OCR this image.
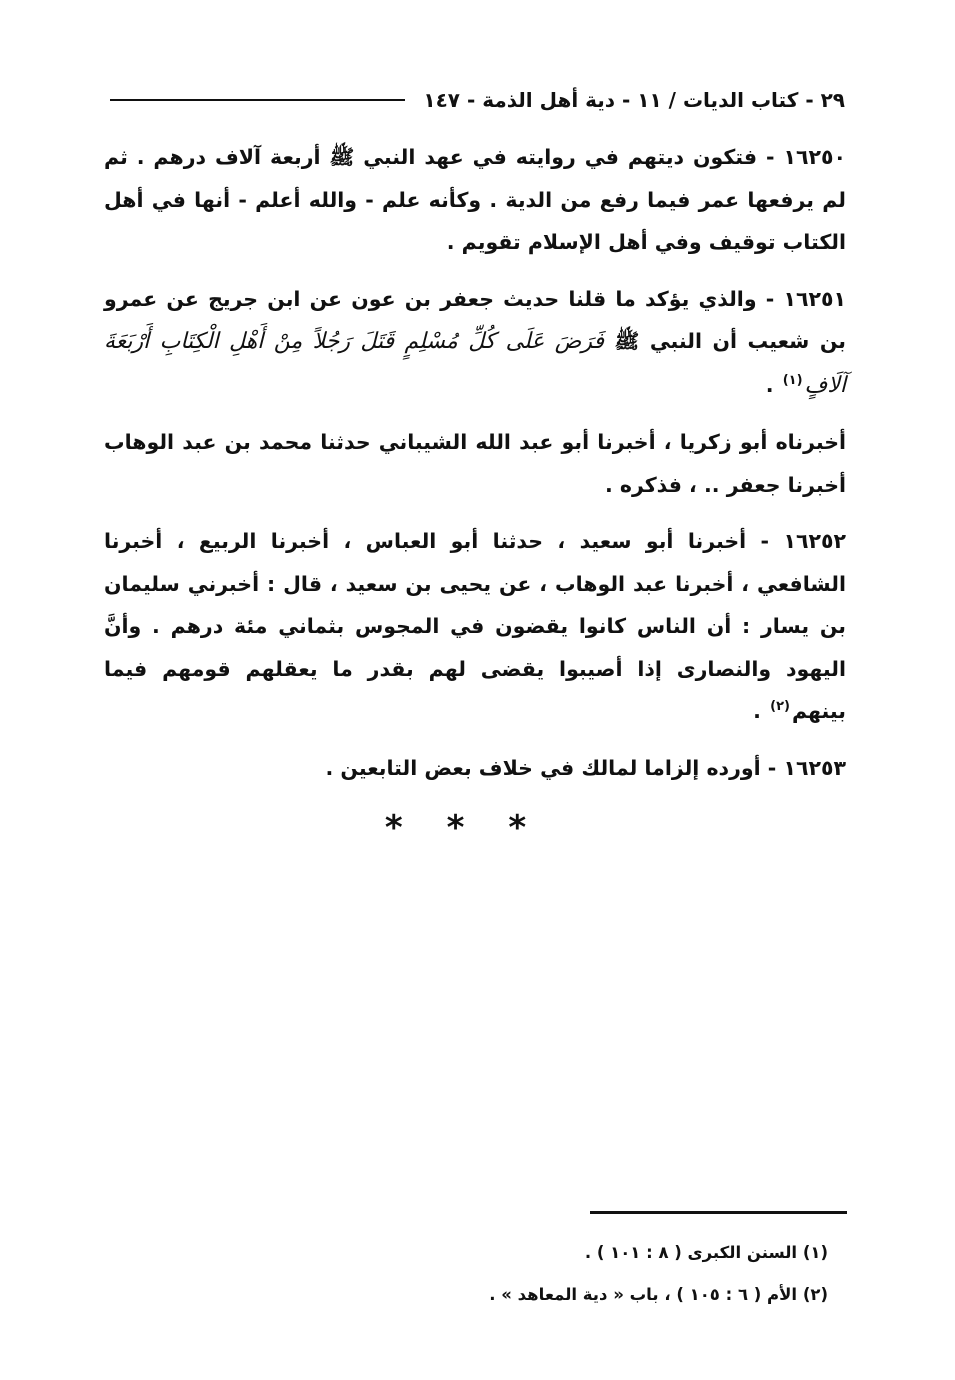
٢٩ - كتاب الديات / ١١ - دية أهل الذمة - ١٤٧

١٦٢٥٠ - فتكون ديتهم في روايته في عهد النبي ﷺ أربعة آلاف درهم . ثم لم يرفعها عمر فيما رفع من الدية . وكأنه علم - والله أعلم - أنها في أهل الكتاب توقيف وفي أهل الإسلام تقويم .

١٦٢٥١ - والذي يؤكد ما قلنا حديث جعفر بن عون عن ابن جريج عن عمرو بن شعيب أن النبي ﷺ فَرَضَ عَلَى كُلِّ مُسْلِمٍ قَتَلَ رَجُلاً مِنْ أَهْلِ الْكِتَابِ أَرْبَعَةَ آلَافٍ$^{(١)}$ .

أخبرناه أبو زكريا ، أخبرنا أبو عبد الله الشيباني حدثنا محمد بن عبد الوهاب أخبرنا جعفر .. ، فذكره .

١٦٢٥٢ - أخبرنا أبو سعيد ، حدثنا أبو العباس ، أخبرنا الربيع ، أخبرنا الشافعي ، أخبرنا عبد الوهاب ، عن يحيى بن سعيد ، قال : أخبرني سليمان بن يسار : أن الناس كانوا يقضون في المجوس بثماني مئة درهم . وأنَّ اليهود والنصارى إذا أصيبوا يقضى لهم بقدر ما يعقلهم قومهم فيما بينهم$^{(٢)}$ .

١٦٢٥٣ - أورده إلزاما لمالك في خلاف بعض التابعين .

***
(١) السنن الكبرى ( ٨ : ١٠١ ) .
(٢) الأم ( ٦ : ١٠٥ ) ، باب « دية المعاهد » .
